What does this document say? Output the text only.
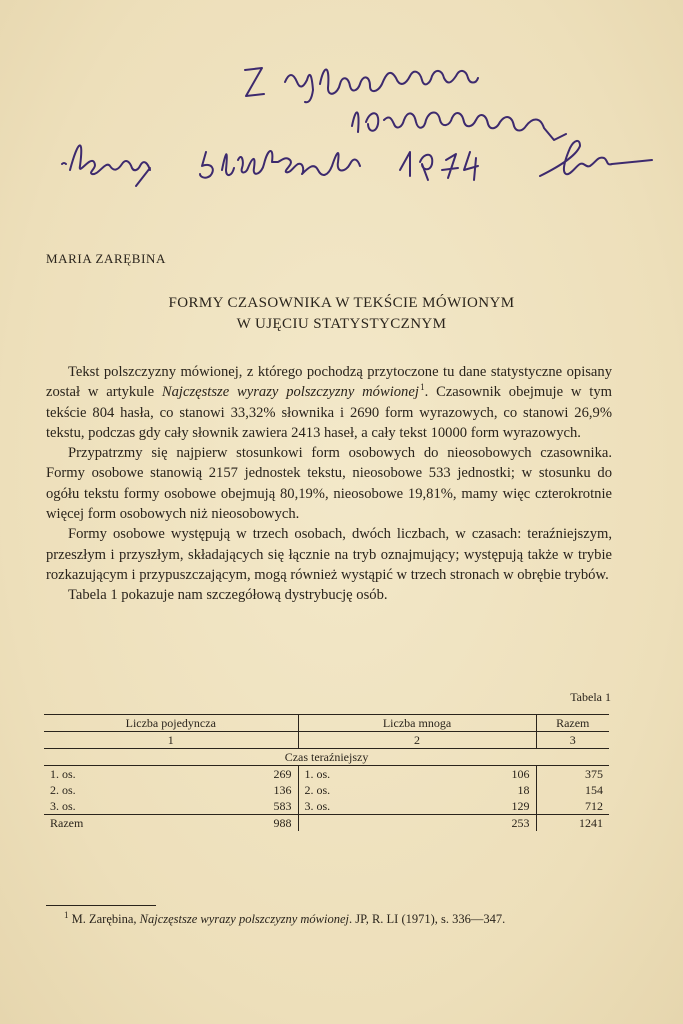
MARIA ZARĘBINA
FORMY CZASOWNIKA W TEKŚCIE MÓWIONYM
W UJĘCIU STATYSTYCZNYM

Tekst polszczyzny mówionej, z którego pochodzą przytoczone tu dane statystyczne opisany został w artykule Najczęstsze wyrazy polszczyzny mówionej $^1$. Czasownik obejmuje w tym tekście 804 hasła, co stanowi 33,32% słownika i 2690 form wyrazowych, co stanowi 26,9% tekstu, podczas gdy cały słownik zawiera 2413 haseł, a cały tekst 10000 form wyrazowych.

Przypatrzmy się najpierw stosunkowi form osobowych do nieosobowych czasownika. Formy osobowe stanowią 2157 jednostek tekstu, nieosobowe 533 jednostki; w stosunku do ogółu tekstu formy osobowe obejmują 80,19%, nieosobowe 19,81%, mamy więc czterokrotnie więcej form osobowych niż nieosobowych.

Formy osobowe występują w trzech osobach, dwóch liczbach, w czasach: teraźniejszym, przeszłym i przyszłym, składających się łącznie na tryb oznajmujący; występują także w trybie rozkazującym i przypuszczającym, mogą również wystąpić w trzech stronach w obrębie trybów.

Tabela 1 pokazuje nam szczegółową dystrybucję osób.

Tabela 1
Liczba pojedyncza		Liczba mnoga		Razem
1		2		3
Czas teraźniejszy				
1. os.	269	1. os.	106	375
2. os.	136	2. os.	18	154
3. os.	583	3. os.	129	712
Razem	988		253	1241
$^1$ M. Zarębina, Najczęstsze wyrazy polszczyzny mówionej. JP, R. LI (1971), s. 336—347.
